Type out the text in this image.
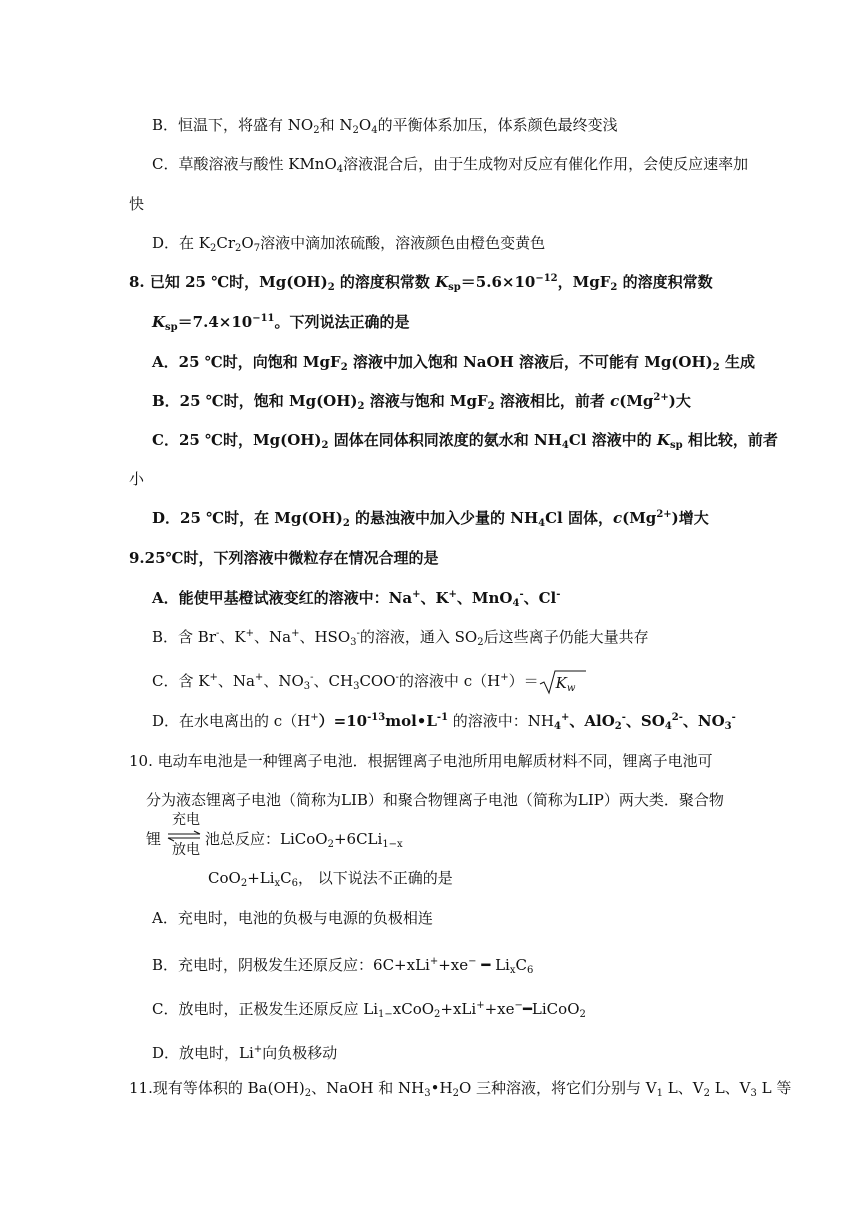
B．恒温下，将盛有 $NO_2$和 $N_2O_4$的平衡体系加压，体系颜色最终变浅
C．草酸溶液与酸性 KMnO$_4$溶液混合后，由于生成物对反应有催化作用，会使反应速率加
快
D．在 $K_2Cr_2O_7$溶液中滴加浓硫酸，溶液颜色由橙色变黄色
8. 已知 25 ℃时，$Mg(OH)_2$ 的溶度积常数 $K_{sp}=5.6\times 10^{-12}$，MgF$_2$ 的溶度积常数
$K_{sp}=7.4\times 10^{-11}$。下列说法正确的是
A．25 ℃时，向饱和 MgF$_2$ 溶液中加入饱和 NaOH 溶液后，不可能有 $Mg(OH)_2$ 生成
B．25 ℃时，饱和 $Mg(OH)_2$ 溶液与饱和 MgF$_2$ 溶液相比，前者 $c(Mg^{2+})$大
C．25 ℃时，$Mg(OH)_2$ 固体在同体积同浓度的氨水和 $NH_4Cl$ 溶液中的 $K_{sp}$ 相比较，前者
小
D．25 ℃时，在 $Mg(OH)_2$ 的悬浊液中加入少量的 $NH_4Cl$ 固体，$c(Mg^{2+})$增大
9.25℃时，下列溶液中微粒存在情况合理的是
A．能使甲基橙试液变红的溶液中：Na+、K+、MnO$_4$-、Cl-
B．含 Br-、K+、Na+、$HSO_3^-$的溶液，通入 $SO_2$后这些离子仍能大量共存
C．含 K+、Na+、$NO_3^-$、$CH_3COO^-$的溶液中 $c(H^+)= K_w$
D．在水电离出的 $c(H^+)=10^{-13}mol•L^{-1}$ 的溶液中：$NH_4^+$、AlO$_2$-、$SO_4^{2-}$、$NO_3^-$
10. 电动车电池是一种锂离子电池．根据锂离子电池所用电解质材料不同，锂离子电池可
分为液态锂离子电池（简称为LIB）和聚合物锂离子电池（简称为LIP）两大类．聚合物
锂
充电
放电
池总反应：LiCoO$_2$+6CLi$_{1-x}$
$CoO_2+Li_xC_6$， 以下说法不正确的是
A．充电时，电池的负极与电源的负极相连
B．充电时，阴极发生还原反应：6C+xLi++xe− ━ $Li_xC_6$
C．放电时，正极发生还原反应 $Li_{1-}xCoO_2+xLi^++xe^-━LiCoO_2$
D．放电时，Li+向负极移动
11.现有等体积的 $Ba(OH)_2$、NaOH 和 $NH_3•H_2O$ 三种溶液，将它们分别与 $V_1$ L、$V_2$ L、$V_3$ L 等
